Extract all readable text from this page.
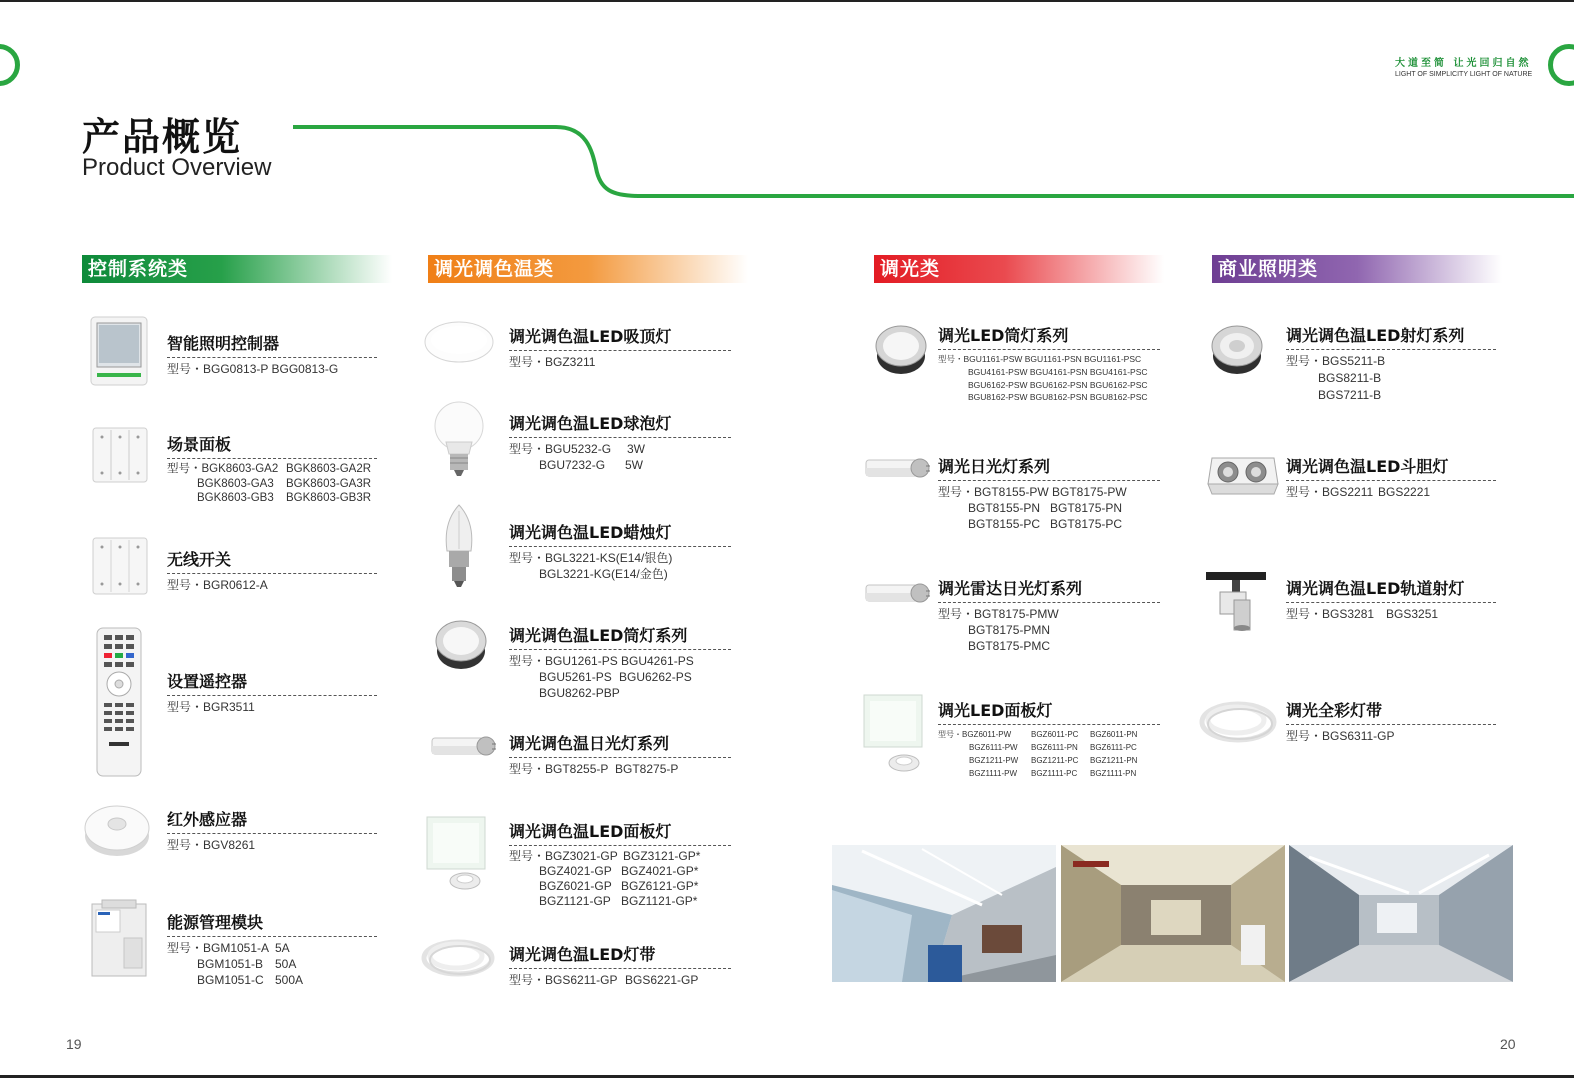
大道至简 让光回归自然
LIGHT OF SIMPLICITY LIGHT OF NATURE
产品概览
Product Overview
控制系统类	调光调色温类	调光类	商业照明类
智能照明控制器
型号・BGG0813-P BGG0813-G
场景面板
型号・BGK8603-GA2 BGK8603-GA2R
BGK8603-GA3	BGK8603-GA3R
BGK8603-GB3	BGK8603-GB3R
无线开关
型号・BGR0612-A
设置遥控器
型号・BGR3511
红外感应器
型号・BGV8261
能源管理模块
型号・BGM1051-A 5A
BGM1051-B 50A
BGM1051-C 500A
调光调色温LED吸顶灯
型号・BGZ3211
调光调色温LED球泡灯
型号・BGU5232-G	3W
BGU7232-G	5W
调光调色温LED蜡烛灯
型号・BGL3221-KS(E14/银色)
BGL3221-KG(E14/金色)
调光调色温LED筒灯系列
型号・BGU1261-PS BGU4261-PS
BGU5261-PS BGU6262-PS
BGU8262-PBP
调光调色温日光灯系列
型号・BGT8255-P BGT8275-P
调光调色温LED面板灯
型号・BGZ3021-GP BGZ3121-GP*
BGZ4021-GP BGZ4021-GP*
BGZ6021-GP BGZ6121-GP*
BGZ1121-GP BGZ1121-GP*
调光调色温LED灯带
型号・BGS6211-GP BGS6221-GP
调光LED筒灯系列
型号・BGU1161-PSW BGU1161-PSN BGU1161-PSC
BGU4161-PSW BGU4161-PSN BGU4161-PSC
BGU6162-PSW BGU6162-PSN BGU6162-PSC
BGU8162-PSW BGU8162-PSN BGU8162-PSC
调光日光灯系列
型号・BGT8155-PW BGT8175-PW
BGT8155-PN BGT8175-PN
BGT8155-PC BGT8175-PC
调光雷达日光灯系列
型号・BGT8175-PMW
BGT8175-PMN
BGT8175-PMC
调光LED面板灯
型号・BGZ6011-PW	BGZ6011-PC	BGZ6011-PN
BGZ6111-PW	BGZ6111-PN	BGZ6111-PC
BGZ1211-PW	BGZ1211-PC	BGZ1211-PN
BGZ1111-PW	BGZ1111-PC	BGZ1111-PN
调光调色温LED射灯系列
型号・BGS5211-B
BGS8211-B
BGS7211-B
调光调色温LED斗胆灯
型号・BGS2211 BGS2221
调光调色温LED轨道射灯
型号・BGS3281 BGS3251
调光全彩灯带
型号・BGS6311-GP
19	20
